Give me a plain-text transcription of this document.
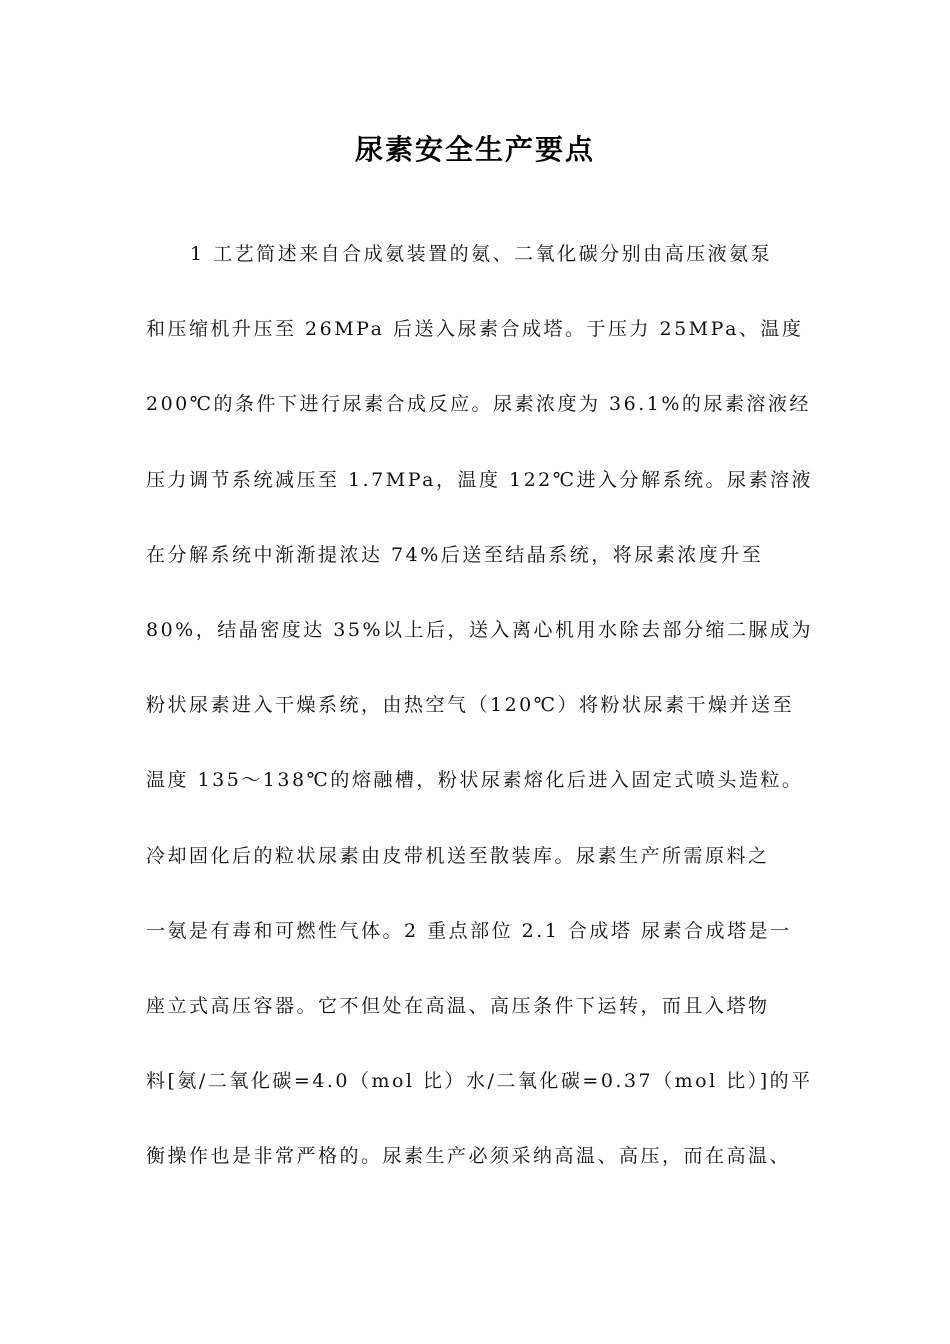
尿素安全生产要点
1 工艺简述来自合成氨装置的氨、二氧化碳分别由高压液氨泵
和压缩机升压至 26MPa 后送入尿素合成塔。于压力 25MPa、温度
200℃的条件下进行尿素合成反应。尿素浓度为 36.1%的尿素溶液经
压力调节系统减压至 1.7MPa，温度 122℃进入分解系统。尿素溶液
在分解系统中渐渐提浓达 74%后送至结晶系统，将尿素浓度升至
80%，结晶密度达 35%以上后，送入离心机用水除去部分缩二脲成为
粉状尿素进入干燥系统，由热空气（120℃）将粉状尿素干燥并送至
温度 135～138℃的熔融槽，粉状尿素熔化后进入固定式喷头造粒。
冷却固化后的粒状尿素由皮带机送至散装库。尿素生产所需原料之
一氨是有毒和可燃性气体。2 重点部位 2.1 合成塔 尿素合成塔是一
座立式高压容器。它不但处在高温、高压条件下运转，而且入塔物
料[氨/二氧化碳=4.0（mol 比）水/二氧化碳=0.37（mol 比）]的平
衡操作也是非常严格的。尿素生产必须采纳高温、高压，而在高温、
